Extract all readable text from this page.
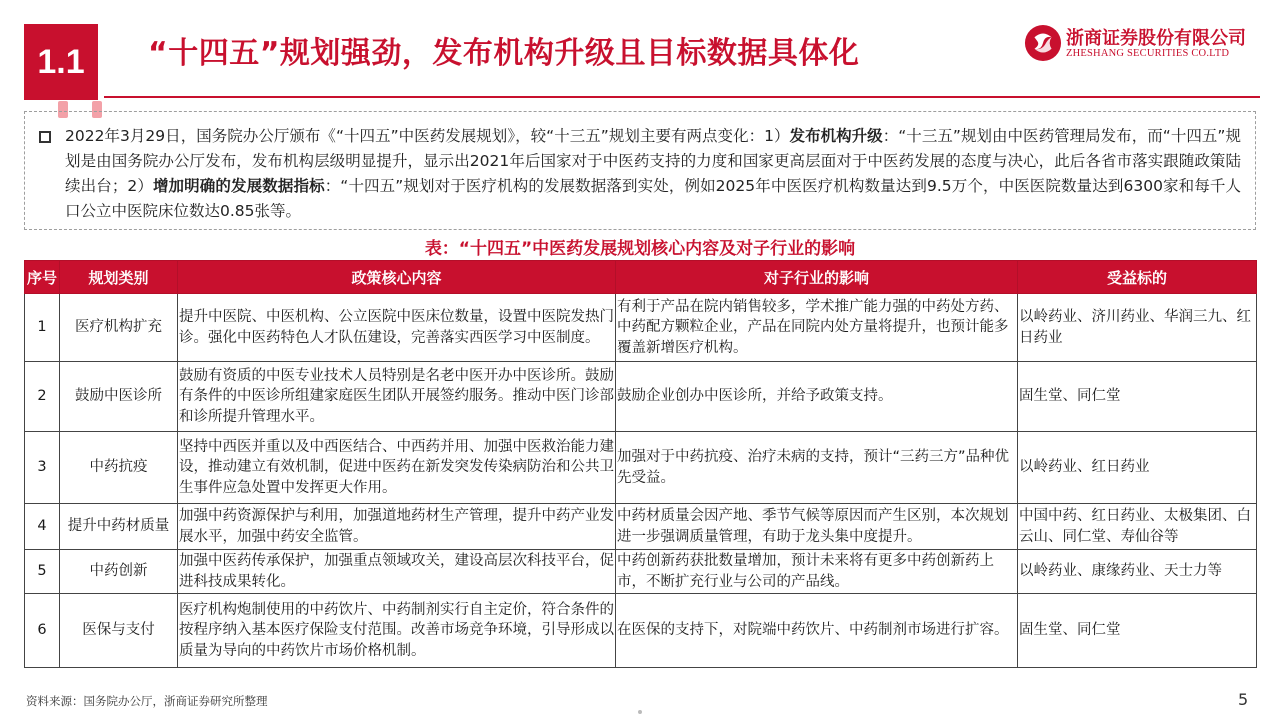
1.1	“十四五”规划强劲，发布机构升级且目标数据具体化	浙商证券股份有限公司
ZHESHANG SECURITIES CO.LTD

2022年3月29日，国务院办公厅颁布《“十四五”中医药发展规划》，较“十三五”规划主要有两点变化：1）发布机构升级：“十三五”规划由中医药管理局发布，而“十四五”规划是由国务院办公厅发布，发布机构层级明显提升，显示出2021年后国家对于中医药支持的力度和国家更高层面对于中医药发展的态度与决心，此后各省市落实跟随政策陆续出台；2）增加明确的发展数据指标：“十四五”规划对于医疗机构的发展数据落到实处，例如2025年中医医疗机构数量达到9.5万个，中医医院数量达到6300家和每千人口公立中医院床位数达0.85张等。

表：“十四五”中医药发展规划核心内容及对子行业的影响
序号	规划类别	政策核心内容	对子行业的影响	受益标的
1	医疗机构扩充	提升中医院、中医机构、公立医院中医床位数量，设置中医院发热门诊。强化中医药特色人才队伍建设，完善落实西医学习中医制度。	有利于产品在院内销售较多，学术推广能力强的中药处方药、中药配方颗粒企业，产品在同院内处方量将提升，也预计能多覆盖新增医疗机构。	以岭药业、济川药业、华润三九、红日药业
2	鼓励中医诊所	鼓励有资质的中医专业技术人员特别是名老中医开办中医诊所。鼓励有条件的中医诊所组建家庭医生团队开展签约服务。推动中医门诊部和诊所提升管理水平。	鼓励企业创办中医诊所，并给予政策支持。	固生堂、同仁堂
3	中药抗疫	坚持中西医并重以及中西医结合、中西药并用、加强中医救治能力建设，推动建立有效机制，促进中医药在新发突发传染病防治和公共卫生事件应急处置中发挥更大作用。	加强对于中药抗疫、治疗未病的支持，预计“三药三方”品种优先受益。	以岭药业、红日药业
4	提升中药材质量	加强中药资源保护与利用，加强道地药材生产管理，提升中药产业发展水平，加强中药安全监管。	中药材质量会因产地、季节气候等原因而产生区别，本次规划进一步强调质量管理，有助于龙头集中度提升。	中国中药、红日药业、太极集团、白云山、同仁堂、寿仙谷等
5	中药创新	加强中医药传承保护，加强重点领域攻关，建设高层次科技平台，促进科技成果转化。	中药创新药获批数量增加，预计未来将有更多中药创新药上市，不断扩充行业与公司的产品线。	以岭药业、康缘药业、天士力等
6	医保与支付	医疗机构炮制使用的中药饮片、中药制剂实行自主定价，符合条件的按程序纳入基本医疗保险支付范围。改善市场竞争环境，引导形成以质量为导向的中药饮片市场价格机制。	在医保的支持下，对院端中药饮片、中药制剂市场进行扩容。	固生堂、同仁堂
资料来源：国务院办公厅，浙商证券研究所整理	5
